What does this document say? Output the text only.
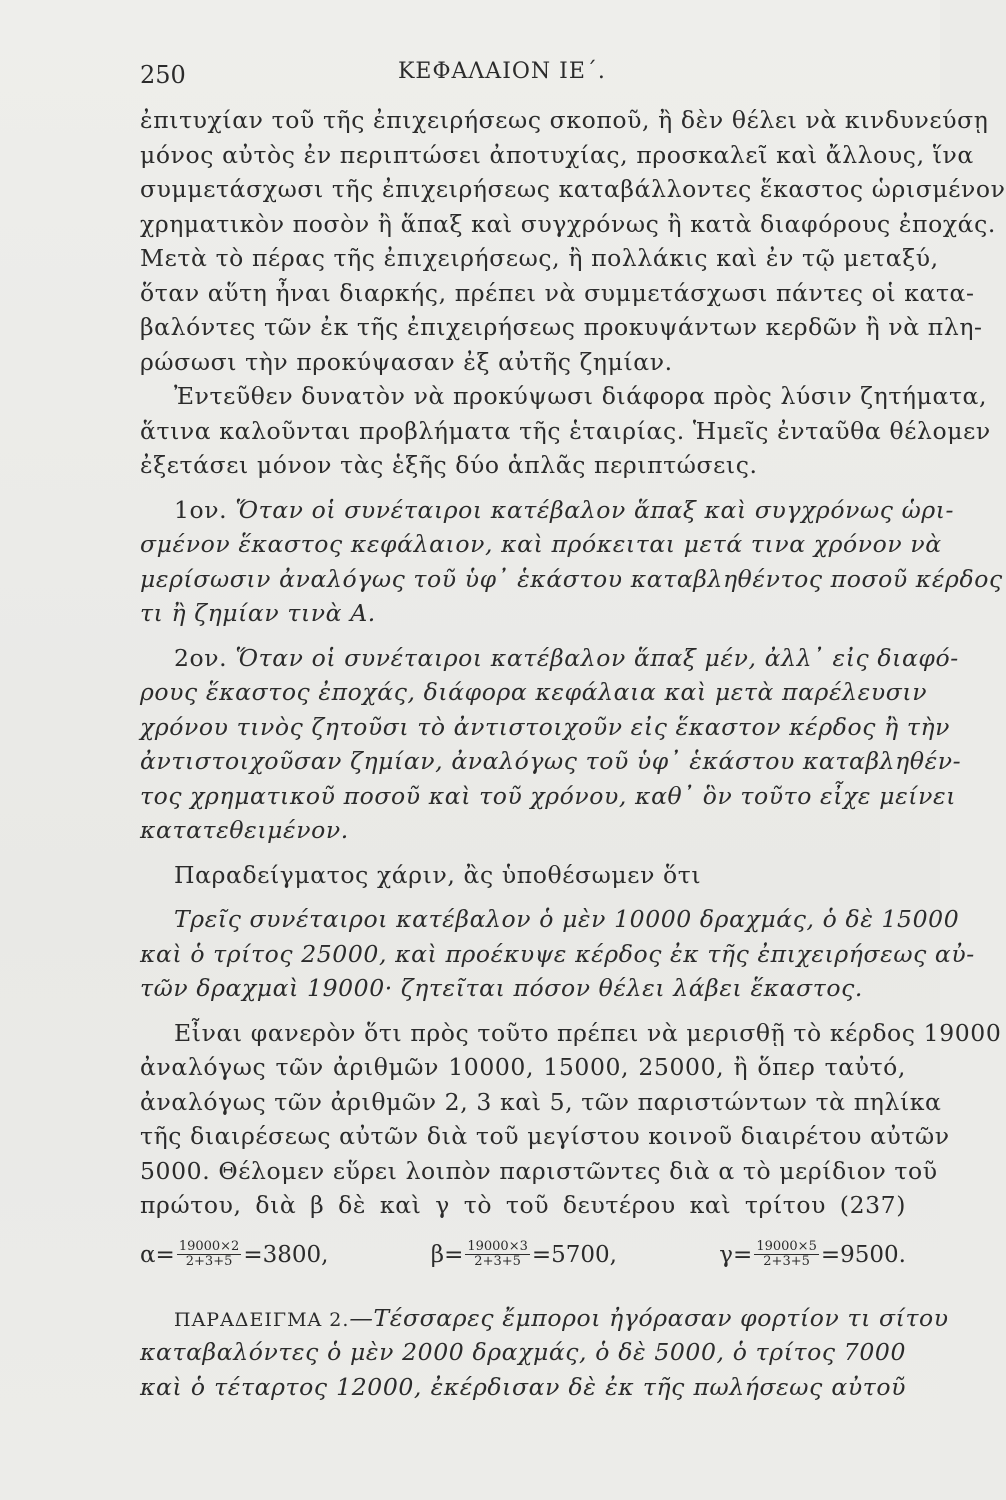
250	ΚΕΦΑΛΑΙΟΝ ΙΕ΄.
ἐπιτυχίαν τοῦ τῆς ἐπιχειρήσεως σκοποῦ, ἢ δὲν θέλει νὰ κινδυνεύσῃ
μόνος αὐτὸς ἐν περιπτώσει ἀποτυχίας, προσκαλεῖ καὶ ἄλλους, ἵνα
συμμετάσχωσι τῆς ἐπιχειρήσεως καταβάλλοντες ἕκαστος ὡρισμένον
χρηματικὸν ποσὸν ἢ ἅπαξ καὶ συγχρόνως ἢ κατὰ διαφόρους ἐποχάς.
Μετὰ τὸ πέρας τῆς ἐπιχειρήσεως, ἢ πολλάκις καὶ ἐν τῷ μεταξύ,
ὅταν αὕτη ἦναι διαρκής, πρέπει νὰ συμμετάσχωσι πάντες οἱ κατα-
βαλόντες τῶν ἐκ τῆς ἐπιχειρήσεως προκυψάντων κερδῶν ἢ νὰ πλη-
ρώσωσι τὴν προκύψασαν ἐξ αὐτῆς ζημίαν.
Ἐντεῦθεν δυνατὸν νὰ προκύψωσι διάφορα πρὸς λύσιν ζητήματα,
ἅτινα καλοῦνται προβλήματα τῆς ἑταιρίας. Ἡμεῖς ἐνταῦθα θέλομεν
ἐξετάσει μόνον τὰς ἑξῆς δύο ἁπλᾶς περιπτώσεις.
1ον. Ὅταν οἱ συνέταιροι κατέβαλον ἅπαξ καὶ συγχρόνως ὡρι-
σμένον ἕκαστος κεφάλαιον, καὶ πρόκειται μετά τινα χρόνον νὰ
μερίσωσιν ἀναλόγως τοῦ ὑφ᾽ ἑκάστου καταβληθέντος ποσοῦ κέρδος
τι ἢ ζημίαν τινὰ Α.
2ον. Ὅταν οἱ συνέταιροι κατέβαλον ἅπαξ μέν, ἀλλ᾽ εἰς διαφό-
ρους ἕκαστος ἐποχάς, διάφορα κεφάλαια καὶ μετὰ παρέλευσιν
χρόνου τινὸς ζητοῦσι τὸ ἀντιστοιχοῦν εἰς ἕκαστον κέρδος ἢ τὴν
ἀντιστοιχοῦσαν ζημίαν, ἀναλόγως τοῦ ὑφ᾽ ἑκάστου καταβληθέν-
τος χρηματικοῦ ποσοῦ καὶ τοῦ χρόνου, καθ᾽ ὃν τοῦτο εἶχε μείνει
κατατεθειμένον.
Παραδείγματος χάριν, ἂς ὑποθέσωμεν ὅτι
Τρεῖς συνέταιροι κατέβαλον ὁ μὲν 10000 δραχμάς, ὁ δὲ 15000
καὶ ὁ τρίτος 25000, καὶ προέκυψε κέρδος ἐκ τῆς ἐπιχειρήσεως αὐ-
τῶν δραχμαὶ 19000· ζητεῖται πόσον θέλει λάβει ἕκαστος.
Εἶναι φανερὸν ὅτι πρὸς τοῦτο πρέπει νὰ μερισθῇ τὸ κέρδος 19000
ἀναλόγως τῶν ἀριθμῶν 10000, 15000, 25000, ἢ ὅπερ ταὐτό,
ἀναλόγως τῶν ἀριθμῶν 2, 3 καὶ 5, τῶν παριστώντων τὰ πηλίκα
τῆς διαιρέσεως αὐτῶν διὰ τοῦ μεγίστου κοινοῦ διαιρέτου αὐτῶν
5000. Θέλομεν εὕρει λοιπὸν παριστῶντες διὰ α τὸ μερίδιον τοῦ
πρώτου, διὰ β δὲ καὶ γ τὸ τοῦ δευτέρου καὶ τρίτου (237)
$\alpha= \frac{19000\times 2}{2+3+5} =3800$,	$\beta= \frac{19000\times 3}{2+3+5} =5700$,	$\gamma= \frac{19000\times 5}{2+3+5} =9500$.
ΠΑΡΑΔΕΙΓΜΑ 2.—Τέσσαρες ἔμποροι ἠγόρασαν φορτίον τι σίτου
καταβαλόντες ὁ μὲν 2000 δραχμάς, ὁ δὲ 5000, ὁ τρίτος 7000
καὶ ὁ τέταρτος 12000, ἐκέρδισαν δὲ ἐκ τῆς πωλήσεως αὐτοῦ
